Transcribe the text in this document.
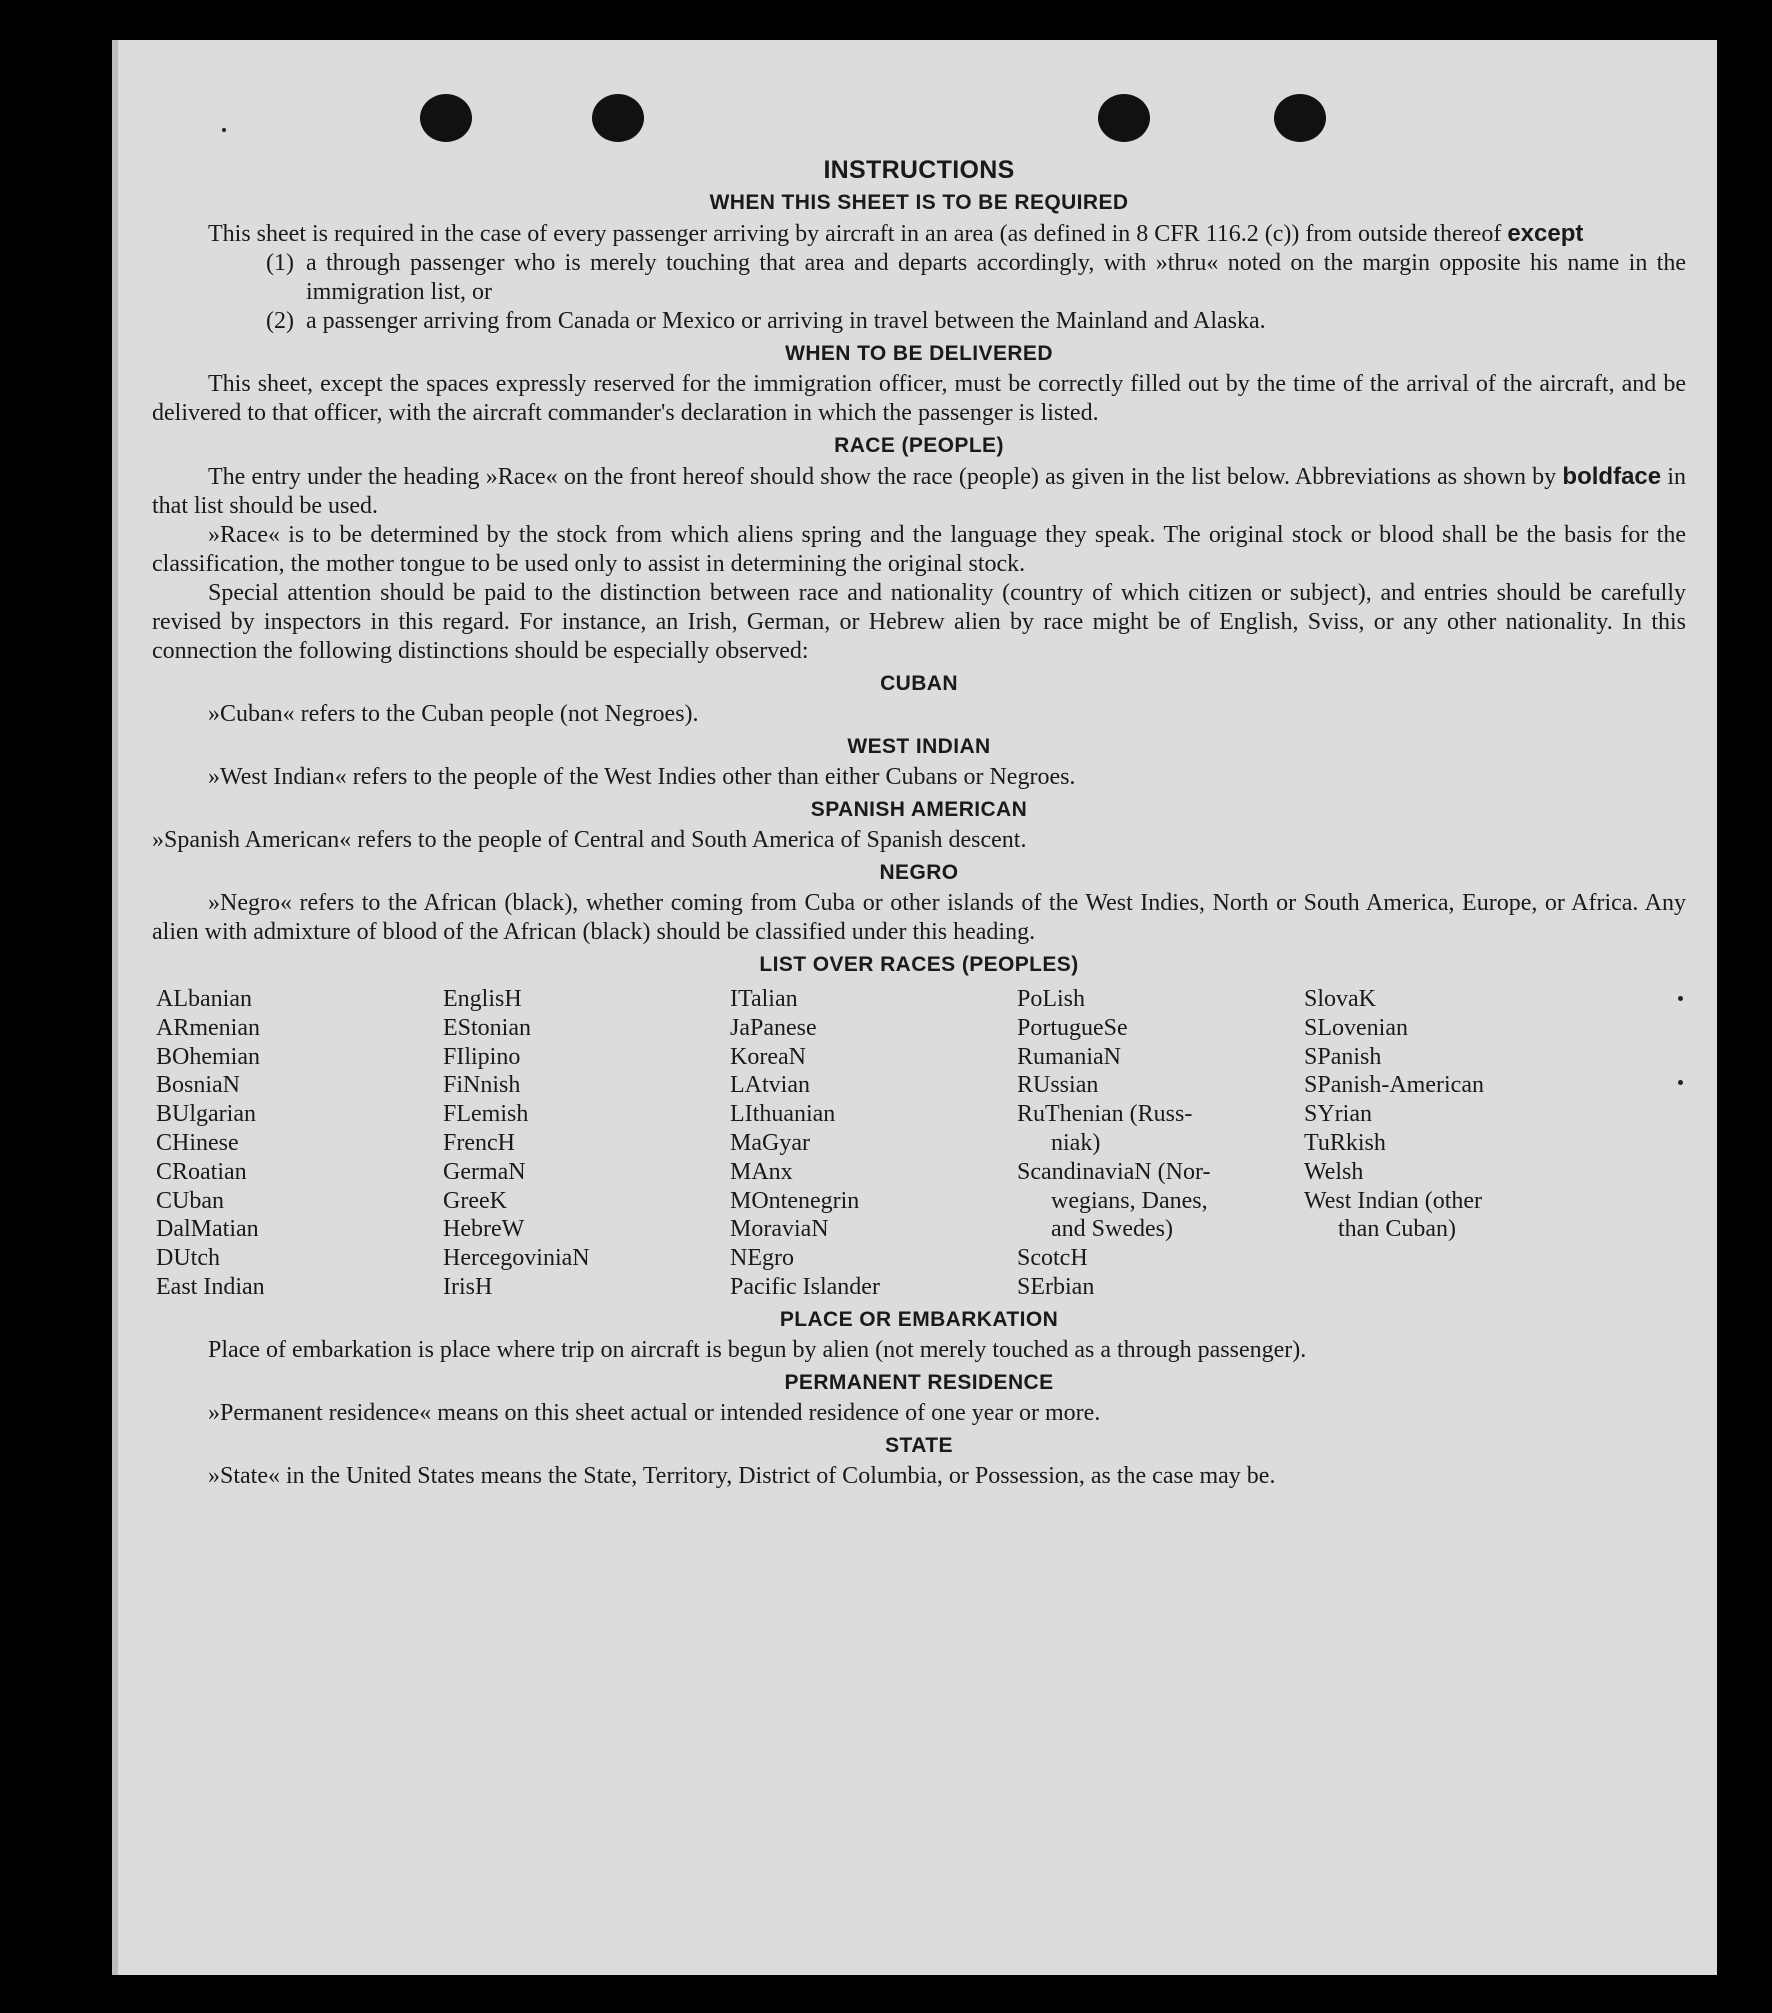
INSTRUCTIONS
WHEN THIS SHEET IS TO BE REQUIRED

This sheet is required in the case of every passenger arriving by aircraft in an area (as defined in 8 CFR 116.2 (c)) from outside thereof except

(1) a through passenger who is merely touching that area and departs accordingly, with »thru« noted on the margin opposite his name in the immigration list, or
(2) a passenger arriving from Canada or Mexico or arriving in travel between the Mainland and Alaska.
WHEN TO BE DELIVERED

This sheet, except the spaces expressly reserved for the immigration officer, must be correctly filled out by the time of the arrival of the aircraft, and be delivered to that officer, with the aircraft commander's declaration in which the passenger is listed.

RACE (PEOPLE)

The entry under the heading »Race« on the front hereof should show the race (people) as given in the list below. Abbreviations as shown by boldface in that list should be used.

»Race« is to be determined by the stock from which aliens spring and the language they speak. The original stock or blood shall be the basis for the classification, the mother tongue to be used only to assist in determining the original stock.

Special attention should be paid to the distinction between race and nationality (country of which citizen or subject), and entries should be carefully revised by inspectors in this regard. For instance, an Irish, German, or Hebrew alien by race might be of English, Sviss, or any other nationality. In this connection the following distinctions should be especially observed:

CUBAN

»Cuban« refers to the Cuban people (not Negroes).

WEST INDIAN

»West Indian« refers to the people of the West Indies other than either Cubans or Negroes.

SPANISH AMERICAN

»Spanish American« refers to the people of Central and South America of Spanish descent.

NEGRO

»Negro« refers to the African (black), whether coming from Cuba or other islands of the West Indies, North or South America, Europe, or Africa. Any alien with admixture of blood of the African (black) should be classified under this heading.

LIST OVER RACES (PEOPLES)
ALbanian
ARmenian
BOhemian
BosniaN
BUlgarian
CHinese
CRoatian
CUban
DalMatian
DUtch
East Indian
EnglisH
EStonian
FIlipino
FiNnish
FLemish
FrencH
GermaN
GreeK
HebreW
HercegoviniaN
IrisH
ITalian
JaPanese
KoreaN
LAtvian
LIthuanian
MaGyar
MAnx
MOntenegrin
MoraviaN
NEgro
Pacific Islander
PoLish
PortugueSe
RumaniaN
RUssian
RuThenian (Russ-
niak)
ScandinaviaN (Nor-
wegians, Danes,
and Swedes)
ScotcH
SErbian
SlovaK
SLovenian
SPanish
SPanish-American
SYrian
TuRkish
Welsh
West Indian (other
than Cuban)
PLACE OR EMBARKATION

Place of embarkation is place where trip on aircraft is begun by alien (not merely touched as a through passenger).

PERMANENT RESIDENCE

»Permanent residence« means on this sheet actual or intended residence of one year or more.

STATE

»State« in the United States means the State, Territory, District of Columbia, or Possession, as the case may be.
